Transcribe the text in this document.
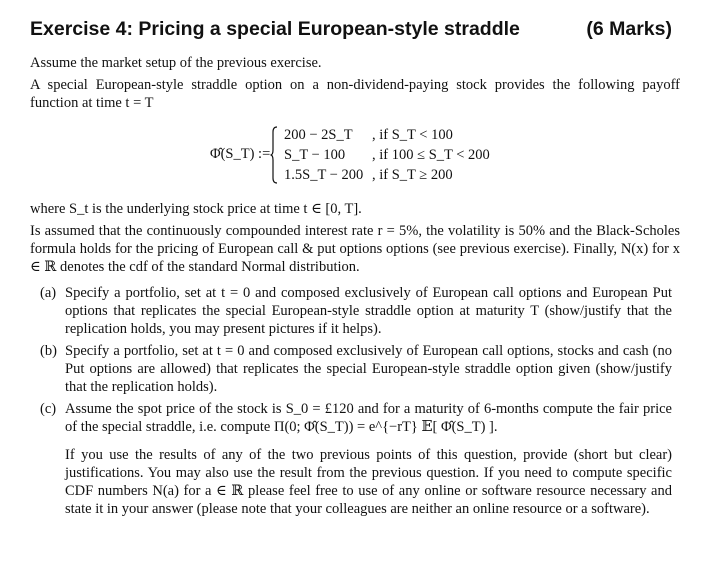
Exercise 4: Pricing a special European-style straddle	(6 Marks)
Assume the market setup of the previous exercise.
A special European-style straddle option on a non-dividend-paying stock provides the following payoff function at time t = T
Φ̂(S_T) :=
200 − 2S_T , if S_T < 100
S_T − 100 , if 100 ≤ S_T < 200
1.5S_T − 200 , if S_T ≥ 200
where S_t is the underlying stock price at time t ∈ [0, T].
Is assumed that the continuously compounded interest rate r = 5%, the volatility is 50% and the Black-Scholes formula holds for the pricing of European call & put options options (see previous exercise). Finally, N(x) for x ∈ ℝ denotes the cdf of the standard Normal distribution.
(a) Specify a portfolio, set at t = 0 and composed exclusively of European call options and European Put options that replicates the special European-style straddle option at maturity T (show/justify that the replication holds, you may present pictures if it helps).
(b) Specify a portfolio, set at t = 0 and composed exclusively of European call options, stocks and cash (no Put options are allowed) that replicates the special European-style straddle option given (show/justify that the replication holds).
(c) Assume the spot price of the stock is S_0 = £120 and for a maturity of 6-months compute the fair price of the special straddle, i.e. compute Π(0; Φ̂(S_T)) = e^{−rT} 𝔼[ Φ̂(S_T) ].
If you use the results of any of the two previous points of this question, provide (short but clear) justifications. You may also use the result from the previous question. If you need to compute specific CDF numbers N(a) for a ∈ ℝ please feel free to use of any online or software resource necessary and state it in your answer (please note that your colleagues are neither an online resource or a software).
